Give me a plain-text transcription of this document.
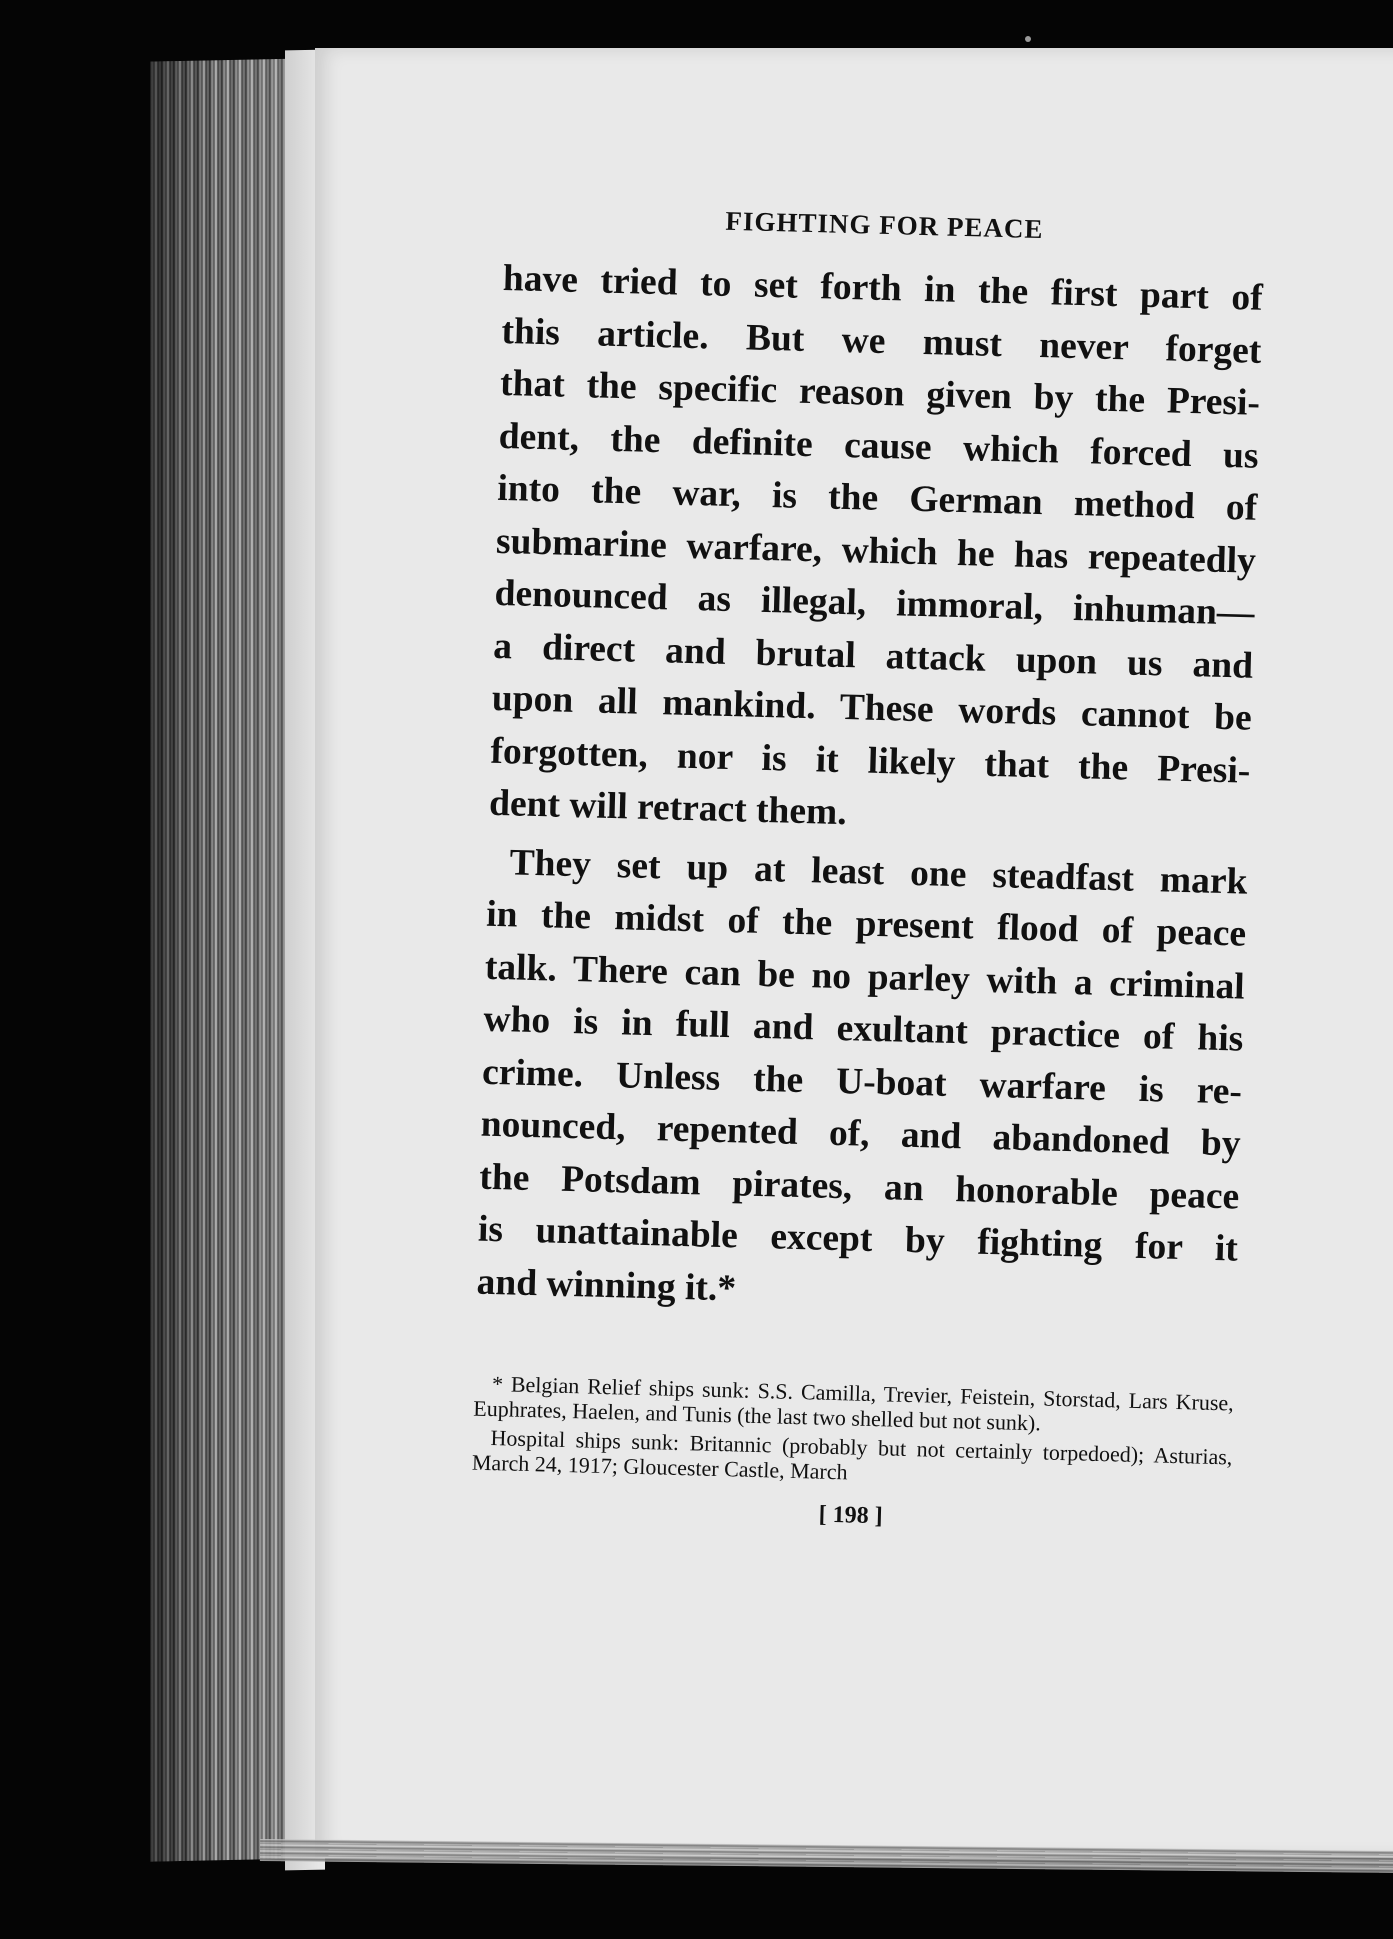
FIGHTING FOR PEACE

have tried to set forth in the first part of
this article. But we must never forget
that the specific reason given by the Presi-
dent, the definite cause which forced us
into the war, is the German method of
submarine warfare, which he has repeatedly
denounced as illegal, immoral, inhuman—
a direct and brutal attack upon us and
upon all mankind. These words cannot be
forgotten, nor is it likely that the Presi-
dent will retract them.

They set up at least one steadfast mark
in the midst of the present flood of peace
talk. There can be no parley with a criminal
who is in full and exultant practice of his
crime. Unless the U-boat warfare is re-
nounced, repented of, and abandoned by
the Potsdam pirates, an honorable peace
is unattainable except by fighting for it
and winning it.*

* Belgian Relief ships sunk: S.S. Camilla, Trevier, Feistein, Storstad, Lars Kruse, Euphrates, Haelen, and Tunis (the last two shelled but not sunk).

Hospital ships sunk: Britannic (probably but not certainly torpedoed); Asturias, March 24, 1917; Gloucester Castle, March

[ 198 ]
